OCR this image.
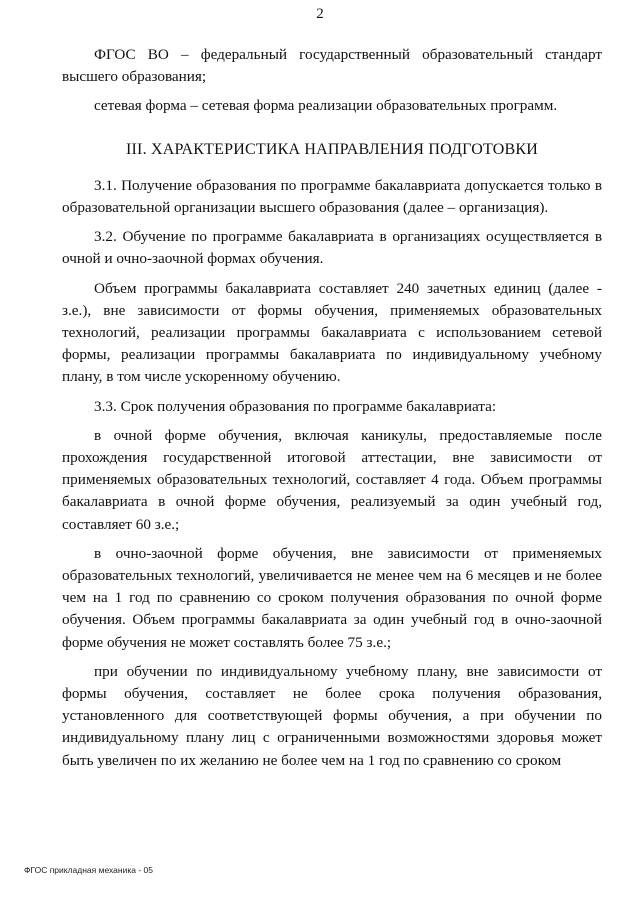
2

ФГОС ВО – федеральный государственный образовательный стандарт высшего образования;

сетевая форма – сетевая форма реализации образовательных программ.

III. ХАРАКТЕРИСТИКА НАПРАВЛЕНИЯ ПОДГОТОВКИ

3.1. Получение образования по программе бакалавриата допускается только в образовательной организации высшего образования (далее – организация).

3.2. Обучение по программе бакалавриата в организациях осуществляется в очной и очно-заочной формах обучения.

Объем программы бакалавриата составляет 240 зачетных единиц (далее - з.е.), вне зависимости от формы обучения, применяемых образовательных технологий, реализации программы бакалавриата с использованием сетевой формы, реализации программы бакалавриата по индивидуальному учебному плану, в том числе ускоренному обучению.

3.3. Срок получения образования по программе бакалавриата:

в очной форме обучения, включая каникулы, предоставляемые после прохождения государственной итоговой аттестации, вне зависимости от применяемых образовательных технологий, составляет 4 года. Объем программы бакалавриата в очной форме обучения, реализуемый за один учебный год, составляет 60 з.е.;

в очно-заочной форме обучения, вне зависимости от применяемых образовательных технологий, увеличивается не менее чем на 6 месяцев и не более чем на 1 год по сравнению со сроком получения образования по очной форме обучения. Объем программы бакалавриата за один учебный год в очно-заочной форме обучения не может составлять более 75 з.е.;

при обучении по индивидуальному учебному плану, вне зависимости от формы обучения, составляет не более срока получения образования, установленного для соответствующей формы обучения, а при обучении по индивидуальному плану лиц с ограниченными возможностями здоровья может быть увеличен по их желанию не более чем на 1 год по сравнению со сроком

ФГОС прикладная механика - 05
